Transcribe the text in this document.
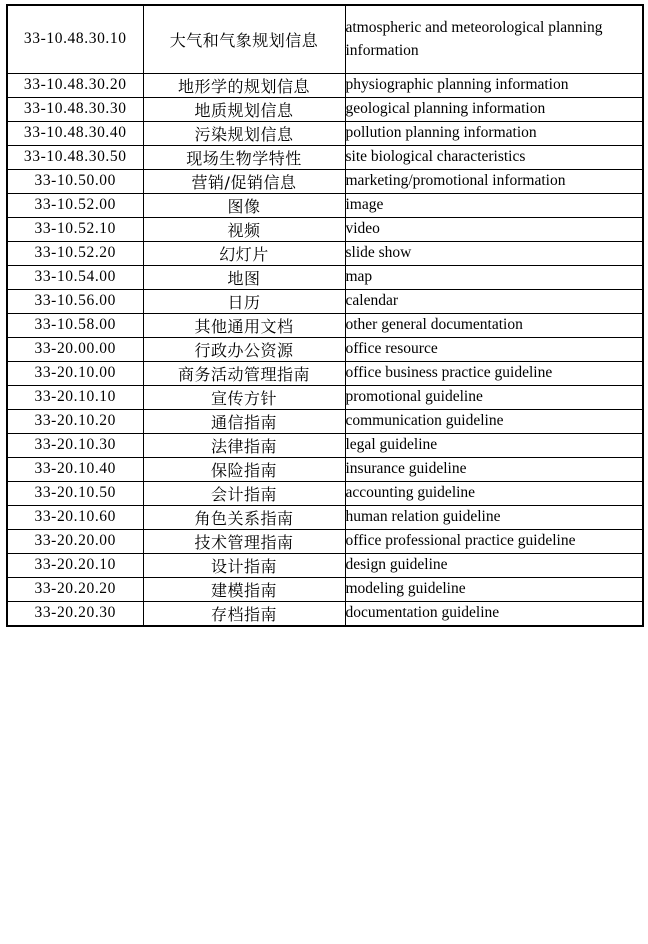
33-10.48.30.10	大气和气象规划信息	atmospheric and meteorological planning information
33-10.48.30.20	地形学的规划信息	physiographic planning information
33-10.48.30.30	地质规划信息	geological planning information
33-10.48.30.40	污染规划信息	pollution planning information
33-10.48.30.50	现场生物学特性	site biological characteristics
33-10.50.00	营销/促销信息	marketing/promotional information
33-10.52.00	图像	image
33-10.52.10	视频	video
33-10.52.20	幻灯片	slide show
33-10.54.00	地图	map
33-10.56.00	日历	calendar
33-10.58.00	其他通用文档	other general documentation
33-20.00.00	行政办公资源	office resource
33-20.10.00	商务活动管理指南	office business practice guideline
33-20.10.10	宣传方针	promotional guideline
33-20.10.20	通信指南	communication guideline
33-20.10.30	法律指南	legal guideline
33-20.10.40	保险指南	insurance guideline
33-20.10.50	会计指南	accounting guideline
33-20.10.60	角色关系指南	human relation guideline
33-20.20.00	技术管理指南	office professional practice guideline
33-20.20.10	设计指南	design guideline
33-20.20.20	建模指南	modeling guideline
33-20.20.30	存档指南	documentation guideline
